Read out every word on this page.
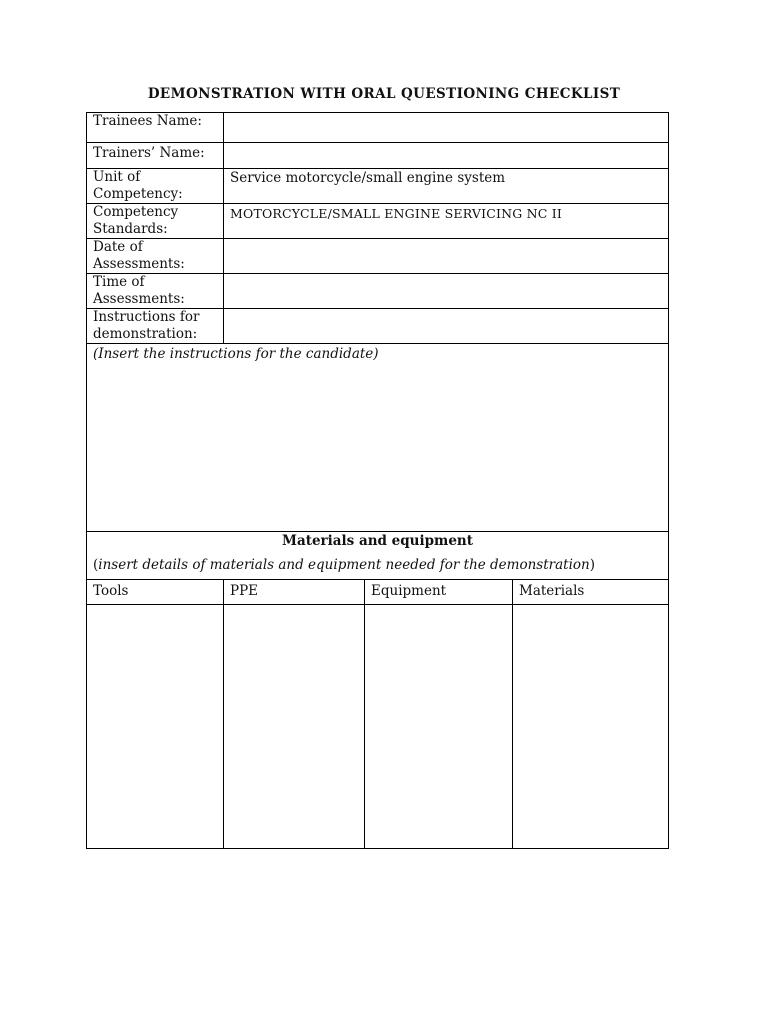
DEMONSTRATION WITH ORAL QUESTIONING CHECKLIST
Trainees Name:			
Trainers’ Name:			

Unit of
Competency:	Service motorcycle/small engine system		

Competency
Standards:	MOTORCYCLE/SMALL ENGINE SERVICING NC II		

Date of
Assessments:			

Time of
Assessments:			

Instructions for
demonstration:			

(Insert the instructions for the candidate)			

Materials and equipment
(insert details of materials and equipment needed for the demonstration)			

Tools	PPE	Equipment	Materials
